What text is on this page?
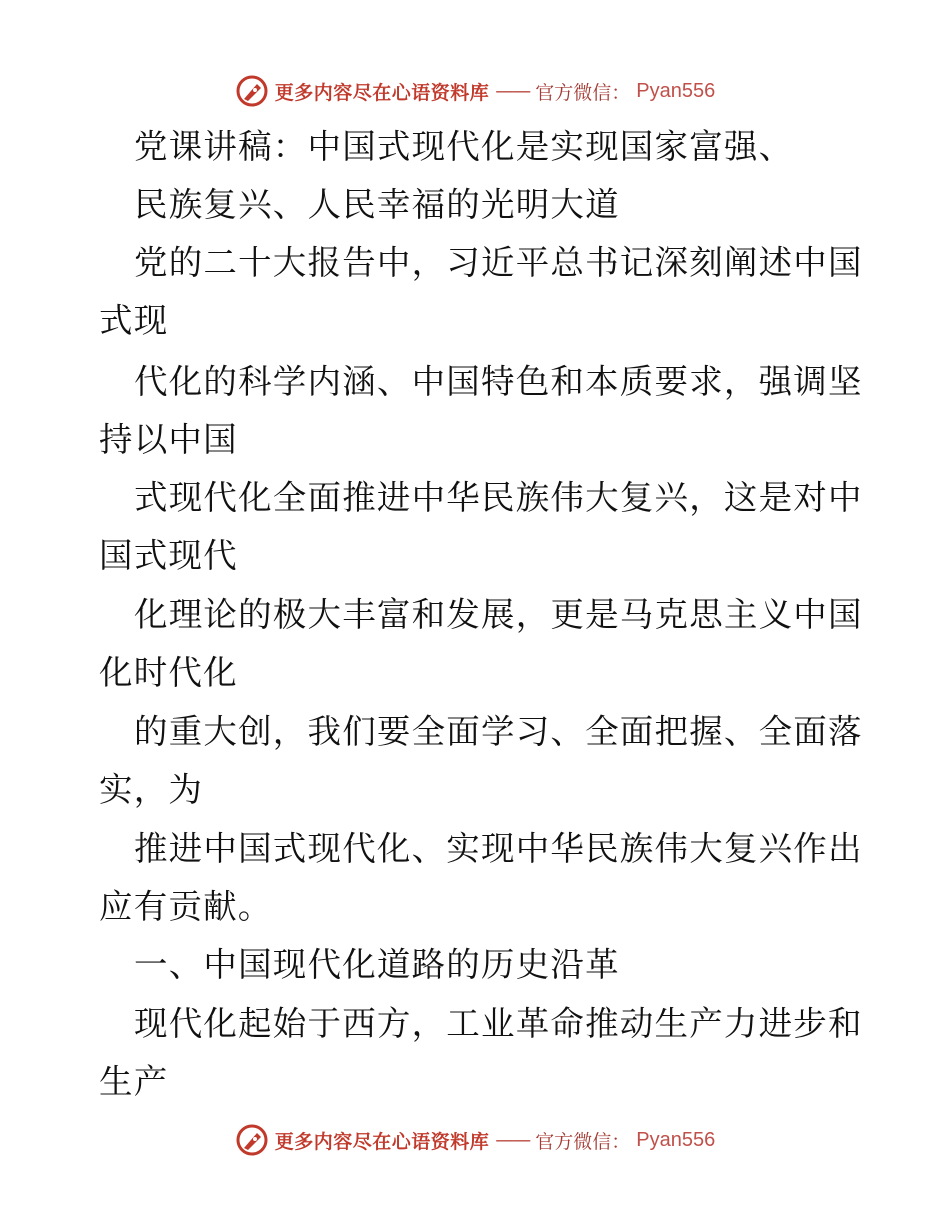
更多内容尽在心语资料库 —— 官方微信： Pyan556
党课讲稿：中国式现代化是实现国家富强、
民族复兴、人民幸福的光明大道
党的二十大报告中，习近平总书记深刻阐述中国
式现
代化的科学内涵、中国特色和本质要求，强调坚
持以中国
式现代化全面推进中华民族伟大复兴，这是对中
国式现代
化理论的极大丰富和发展，更是马克思主义中国
化时代化
的重大创，我们要全面学习、全面把握、全面落
实，为
推进中国式现代化、实现中华民族伟大复兴作出
应有贡献。
一、中国现代化道路的历史沿革
现代化起始于西方，工业革命推动生产力进步和
生产
更多内容尽在心语资料库 —— 官方微信： Pyan556
